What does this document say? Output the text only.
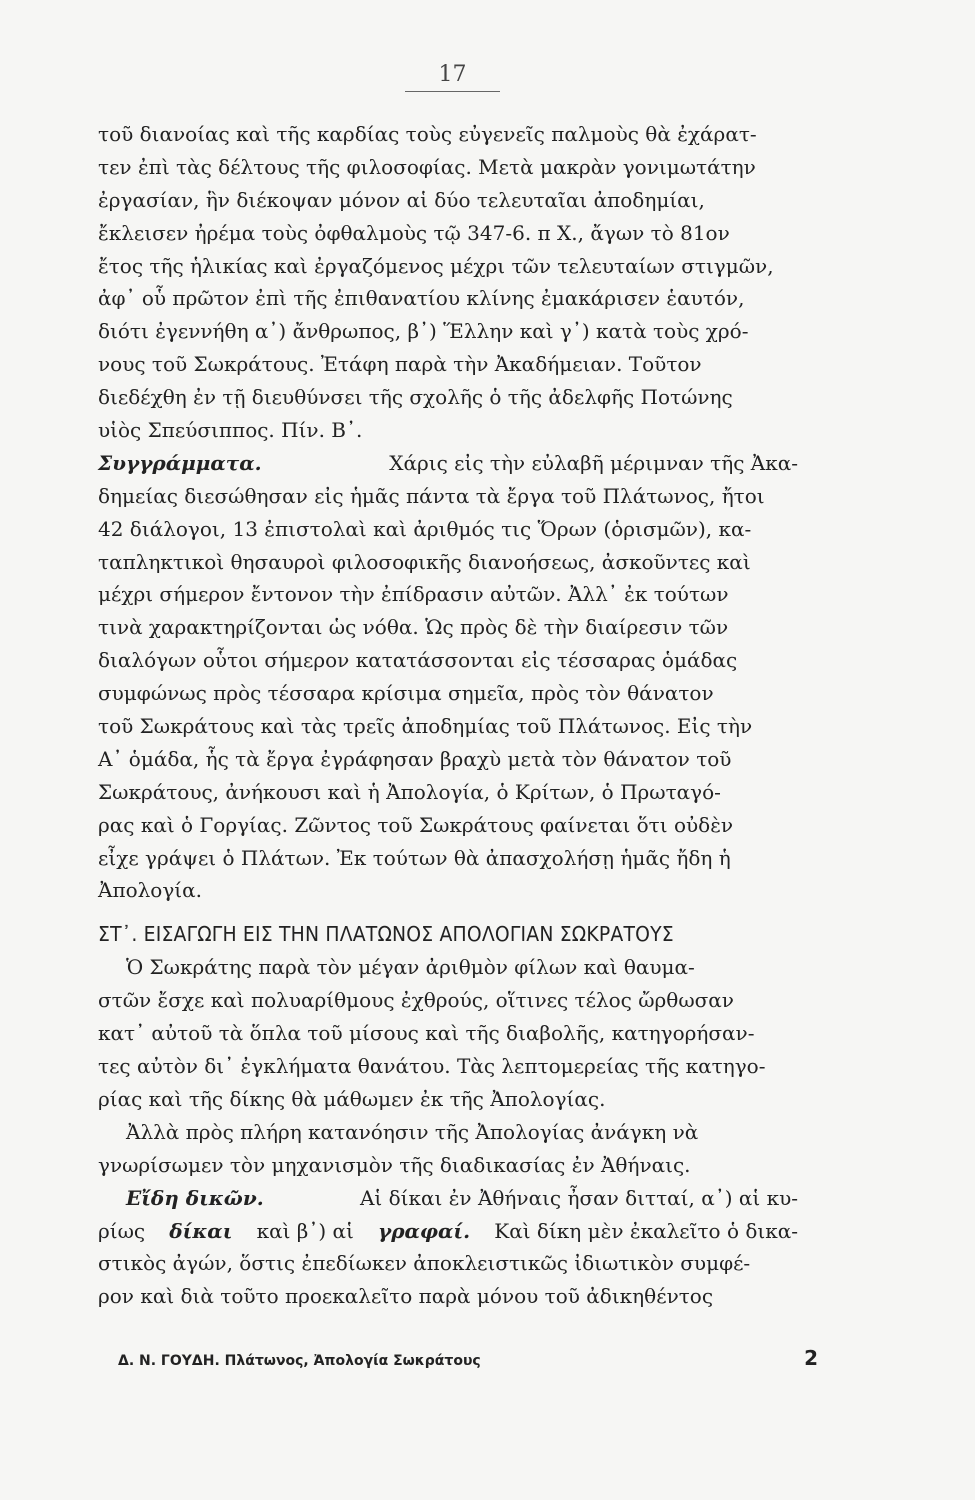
17
τοῦ διανοίας καὶ τῆς καρδίας τοὺς εὐγενεῖς παλμοὺς θὰ ἐχάρατ-
τεν ἐπὶ τὰς δέλτους τῆς φιλοσοφίας. Μετὰ μακρὰν γονιμωτάτην
ἐργασίαν, ἣν διέκοψαν μόνον αἱ δύο τελευταῖαι ἀποδημίαι,
ἔκλεισεν ἠρέμα τοὺς ὀφθαλμοὺς τῷ 347-6. π Χ., ἄγων τὸ 81ον
ἔτος τῆς ἡλικίας καὶ ἐργαζόμενος μέχρι τῶν τελευταίων στιγμῶν,
ἀφ᾿ οὗ πρῶτον ἐπὶ τῆς ἐπιθανατίου κλίνης ἐμακάρισεν ἑαυτόν,
διότι ἐγεννήθη α᾿) ἄνθρωπος, β᾿) Ἕλλην καὶ γ᾿) κατὰ τοὺς χρό-
νους τοῦ Σωκράτους. Ἐτάφη παρὰ τὴν Ἀκαδήμειαν. Τοῦτον
διεδέχθη ἐν τῇ διευθύνσει τῆς σχολῆς ὁ τῆς ἀδελφῆς Ποτώνης
υἱὸς Σπεύσιππος. Πίν. Β᾿.
Συγγράμματα.	Χάρις εἰς τὴν εὐλαβῆ μέριμναν τῆς Ἀκα-
δημείας διεσώθησαν εἰς ἡμᾶς πάντα τὰ ἔργα τοῦ Πλάτωνος, ἤτοι
42 διάλογοι, 13 ἐπιστολαὶ καὶ ἀριθμός τις Ὅρων (ὁρισμῶν), κα-
ταπληκτικοὶ θησαυροὶ φιλοσοφικῆς διανοήσεως, ἀσκοῦντες καὶ
μέχρι σήμερον ἔντονον τὴν ἐπίδρασιν αὐτῶν. Ἀλλ᾿ ἐκ τούτων
τινὰ χαρακτηρίζονται ὡς νόθα. Ὡς πρὸς δὲ τὴν διαίρεσιν τῶν
διαλόγων οὗτοι σήμερον κατατάσσονται εἰς τέσσαρας ὁμάδας
συμφώνως πρὸς τέσσαρα κρίσιμα σημεῖα, πρὸς τὸν θάνατον
τοῦ Σωκράτους καὶ τὰς τρεῖς ἀποδημίας τοῦ Πλάτωνος. Εἰς τὴν
Α᾿ ὁμάδα, ἧς τὰ ἔργα ἐγράφησαν βραχὺ μετὰ τὸν θάνατον τοῦ
Σωκράτους, ἀνήκουσι καὶ ἡ Ἀπολογία, ὁ Κρίτων, ὁ Πρωταγό-
ρας καὶ ὁ Γοργίας. Ζῶντος τοῦ Σωκράτους φαίνεται ὅτι οὐδὲν
εἶχε γράψει ὁ Πλάτων. Ἐκ τούτων θὰ ἀπασχολήσῃ ἡμᾶς ἤδη ἡ
Ἀπολογία.
ΣΤ᾿. ΕΙΣΑΓΩΓΗ ΕΙΣ ΤΗΝ ΠΛΑΤΩΝΟΣ ΑΠΟΛΟΓΙΑΝ ΣΩΚΡΑΤΟΥΣ
Ὁ Σωκράτης παρὰ τὸν μέγαν ἀριθμὸν φίλων καὶ θαυμα-
στῶν ἔσχε καὶ πολυαρίθμους ἐχθρούς, οἵτινες τέλος ὤρθωσαν
κατ᾿ αὐτοῦ τὰ ὅπλα τοῦ μίσους καὶ τῆς διαβολῆς, κατηγορήσαν-
τες αὐτὸν δι᾿ ἐγκλήματα θανάτου. Τὰς λεπτομερείας τῆς κατηγο-
ρίας καὶ τῆς δίκης θὰ μάθωμεν ἐκ τῆς Ἀπολογίας.
Ἀλλὰ πρὸς πλήρη κατανόησιν τῆς Ἀπολογίας ἀνάγκη νὰ
γνωρίσωμεν τὸν μηχανισμὸν τῆς διαδικασίας ἐν Ἀθήναις.
Εἴδη δικῶν.	Αἱ δίκαι ἐν Ἀθήναις ἦσαν διτταί, α᾿) αἱ κυ-
ρίως δίκαι καὶ β᾿) αἱ γραφαί. Καὶ δίκη μὲν ἐκαλεῖτο ὁ δικα-
στικὸς ἀγών, ὅστις ἐπεδίωκεν ἀποκλειστικῶς ἰδιωτικὸν συμφέ-
ρον καὶ διὰ τοῦτο προεκαλεῖτο παρὰ μόνου τοῦ ἀδικηθέντος
Δ. Ν. ΓΟΥΔΗ. Πλάτωνος, Ἀπολογία Σωκράτους	2
